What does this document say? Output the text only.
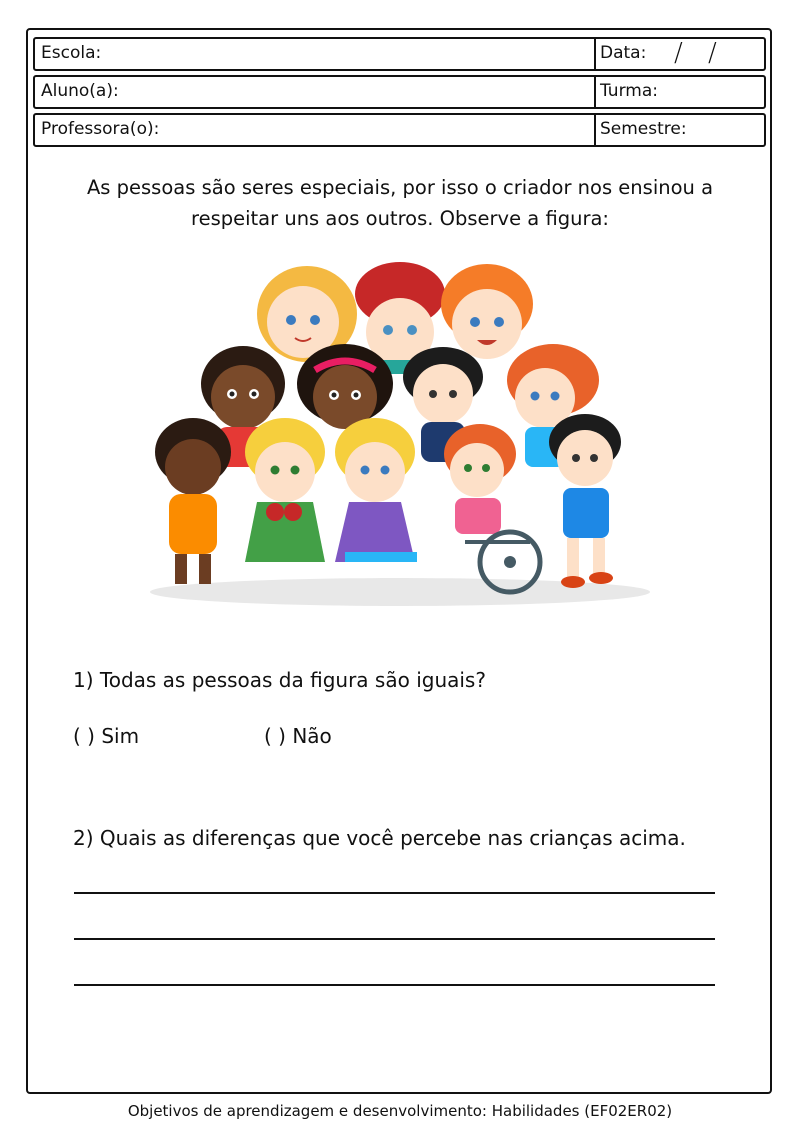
Escola:	Data: / /
Aluno(a):	Turma:
Professora(o):	Semestre:
As pessoas são seres especiais, por isso o criador nos ensinou a
respeitar uns aos outros. Observe a figura:
1) Todas as pessoas da figura são iguais?
( ) Sim	( ) Não
2) Quais as diferenças que você percebe nas crianças acima.
Objetivos de aprendizagem e desenvolvimento: Habilidades (EF02ER02)
